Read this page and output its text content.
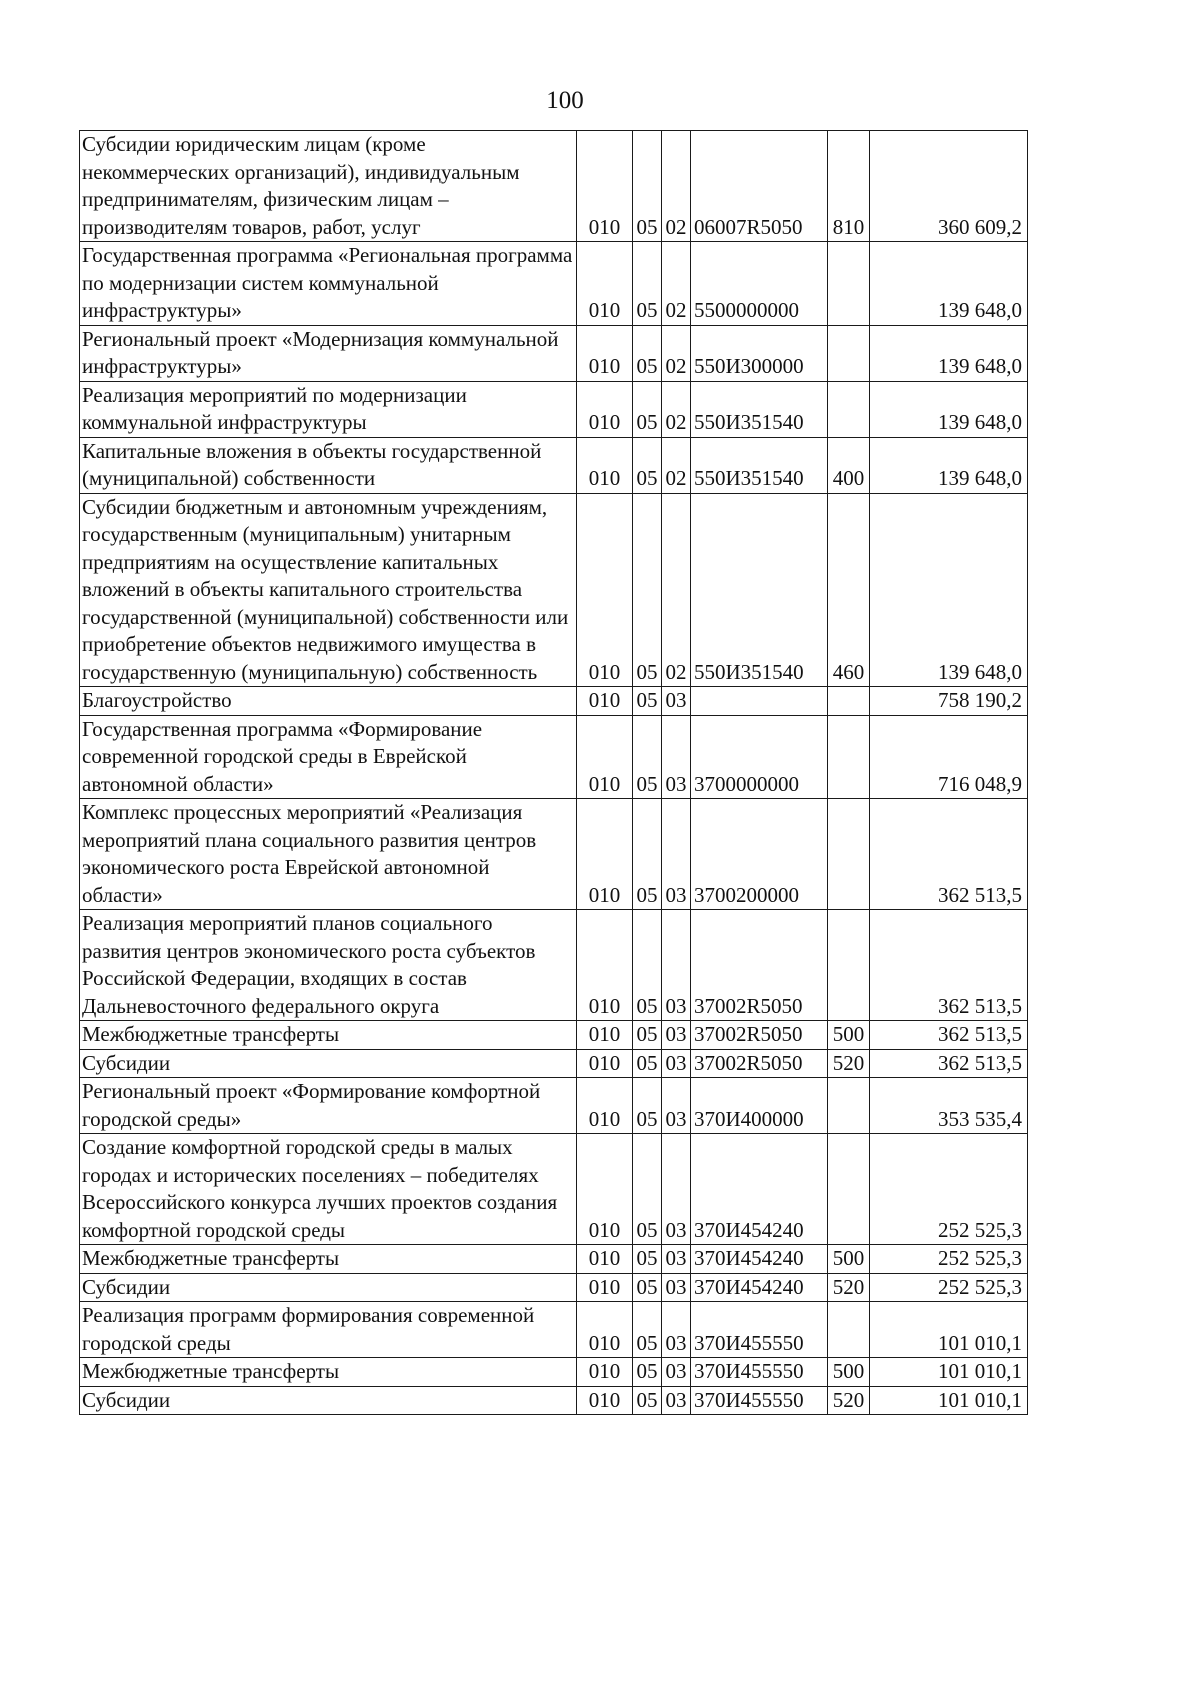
100
Субсидии юридическим лицам (кроме некоммерческих организаций), индивидуальным предпринимателям, физическим лицам – производителям товаров, работ, услуг	010	05	02	06007R5050	810	360 609,2
Государственная программа «Региональная программа по модернизации систем коммунальной инфраструктуры»	010	05	02	5500000000		139 648,0
Региональный проект «Модернизация коммунальной инфраструктуры»	010	05	02	550И300000		139 648,0
Реализация мероприятий по модернизации коммунальной инфраструктуры	010	05	02	550И351540		139 648,0
Капитальные вложения в объекты государственной (муниципальной) собственности	010	05	02	550И351540	400	139 648,0
Субсидии бюджетным и автономным учреждениям, государственным (муниципальным) унитарным предприятиям на осуществление капитальных вложений в объекты капитального строительства государственной (муниципальной) собственности или приобретение объектов недвижимого имущества в государственную (муниципальную) собственность	010	05	02	550И351540	460	139 648,0
Благоустройство	010	05	03			758 190,2
Государственная программа «Формирование современной городской среды в Еврейской автономной области»	010	05	03	3700000000		716 048,9
Комплекс процессных мероприятий «Реализация мероприятий плана социального развития центров экономического роста Еврейской автономной области»	010	05	03	3700200000		362 513,5
Реализация мероприятий планов социального развития центров экономического роста субъектов Российской Федерации, входящих в состав Дальневосточного федерального округа	010	05	03	37002R5050		362 513,5
Межбюджетные трансферты	010	05	03	37002R5050	500	362 513,5
Субсидии	010	05	03	37002R5050	520	362 513,5
Региональный проект «Формирование комфортной городской среды»	010	05	03	370И400000		353 535,4
Создание комфортной городской среды в малых городах и исторических поселениях – победителях Всероссийского конкурса лучших проектов создания комфортной городской среды	010	05	03	370И454240		252 525,3
Межбюджетные трансферты	010	05	03	370И454240	500	252 525,3
Субсидии	010	05	03	370И454240	520	252 525,3
Реализация программ формирования современной городской среды	010	05	03	370И455550		101 010,1
Межбюджетные трансферты	010	05	03	370И455550	500	101 010,1
Субсидии	010	05	03	370И455550	520	101 010,1
